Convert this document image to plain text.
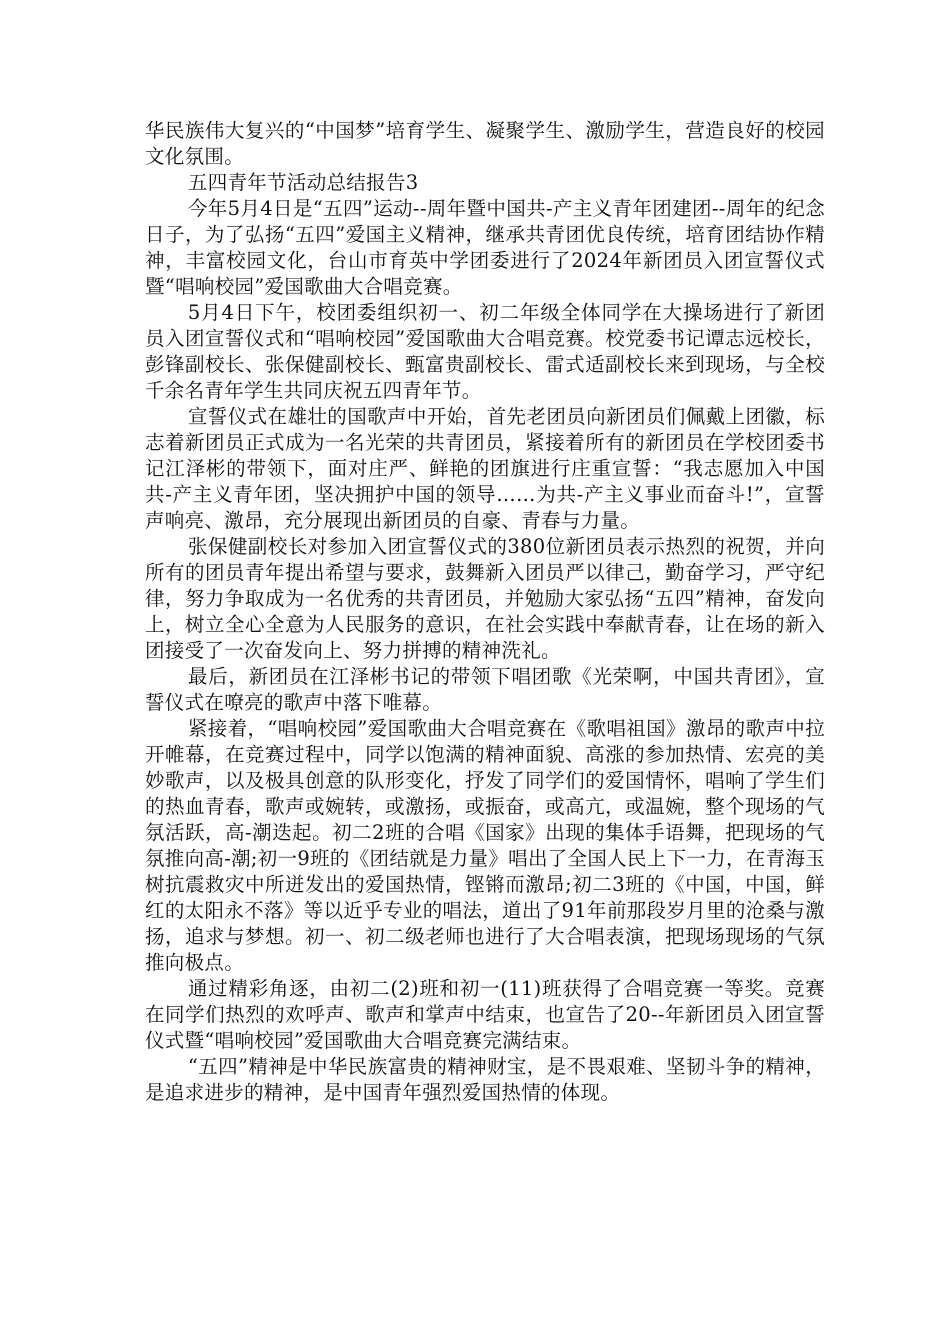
华民族伟大复兴的“中国梦”培育学生、凝聚学生、激励学生，营造良好的校园文化氛围。

五四青年节活动总结报告3

今年5月4日是“五四”运动--周年暨中国共-产主义青年团建团--周年的纪念日子，为了弘扬“五四”爱国主义精神，继承共青团优良传统，培育团结协作精神，丰富校园文化，台山市育英中学团委进行了2024年新团员入团宣誓仪式暨“唱响校园”爱国歌曲大合唱竞赛。

5月4日下午，校团委组织初一、初二年级全体同学在大操场进行了新团员入团宣誓仪式和“唱响校园”爱国歌曲大合唱竞赛。校党委书记谭志远校长，彭锋副校长、张保健副校长、甄富贵副校长、雷式适副校长来到现场，与全校千余名青年学生共同庆祝五四青年节。

宣誓仪式在雄壮的国歌声中开始，首先老团员向新团员们佩戴上团徽，标志着新团员正式成为一名光荣的共青团员，紧接着所有的新团员在学校团委书记江泽彬的带领下，面对庄严、鲜艳的团旗进行庄重宣誓：“我志愿加入中国共-产主义青年团，坚决拥护中国的领导……为共-产主义事业而奋斗!”，宣誓声响亮、激昂，充分展现出新团员的自豪、青春与力量。

张保健副校长对参加入团宣誓仪式的380位新团员表示热烈的祝贺，并向所有的团员青年提出希望与要求，鼓舞新入团员严以律己，勤奋学习，严守纪律，努力争取成为一名优秀的共青团员，并勉励大家弘扬“五四”精神，奋发向上，树立全心全意为人民服务的意识，在社会实践中奉献青春，让在场的新入团接受了一次奋发向上、努力拼搏的精神洗礼。

最后，新团员在江泽彬书记的带领下唱团歌《光荣啊，中国共青团》，宣誓仪式在嘹亮的歌声中落下唯幕。

紧接着，“唱响校园”爱国歌曲大合唱竞赛在《歌唱祖国》激昂的歌声中拉开帷幕，在竞赛过程中，同学以饱满的精神面貌、高涨的参加热情、宏亮的美妙歌声，以及极具创意的队形变化，抒发了同学们的爱国情怀，唱响了学生们的热血青春，歌声或婉转，或激扬，或振奋，或高亢，或温婉，整个现场的气氛活跃，高-潮迭起。初二2班的合唱《国家》出现的集体手语舞，把现场的气氛推向高-潮;初一9班的《团结就是力量》唱出了全国人民上下一力，在青海玉树抗震救灾中所迸发出的爱国热情，铿锵而激昂;初二3班的《中国，中国，鲜红的太阳永不落》等以近乎专业的唱法，道出了91年前那段岁月里的沧桑与激扬，追求与梦想。初一、初二级老师也进行了大合唱表演，把现场现场的气氛推向极点。

通过精彩角逐，由初二(2)班和初一(11)班获得了合唱竞赛一等奖。竞赛在同学们热烈的欢呼声、歌声和掌声中结束，也宣告了20--年新团员入团宣誓仪式暨“唱响校园”爱国歌曲大合唱竞赛完满结束。

“五四”精神是中华民族富贵的精神财宝，是不畏艰难、坚韧斗争的精神，是追求进步的精神，是中国青年强烈爱国热情的体现。
